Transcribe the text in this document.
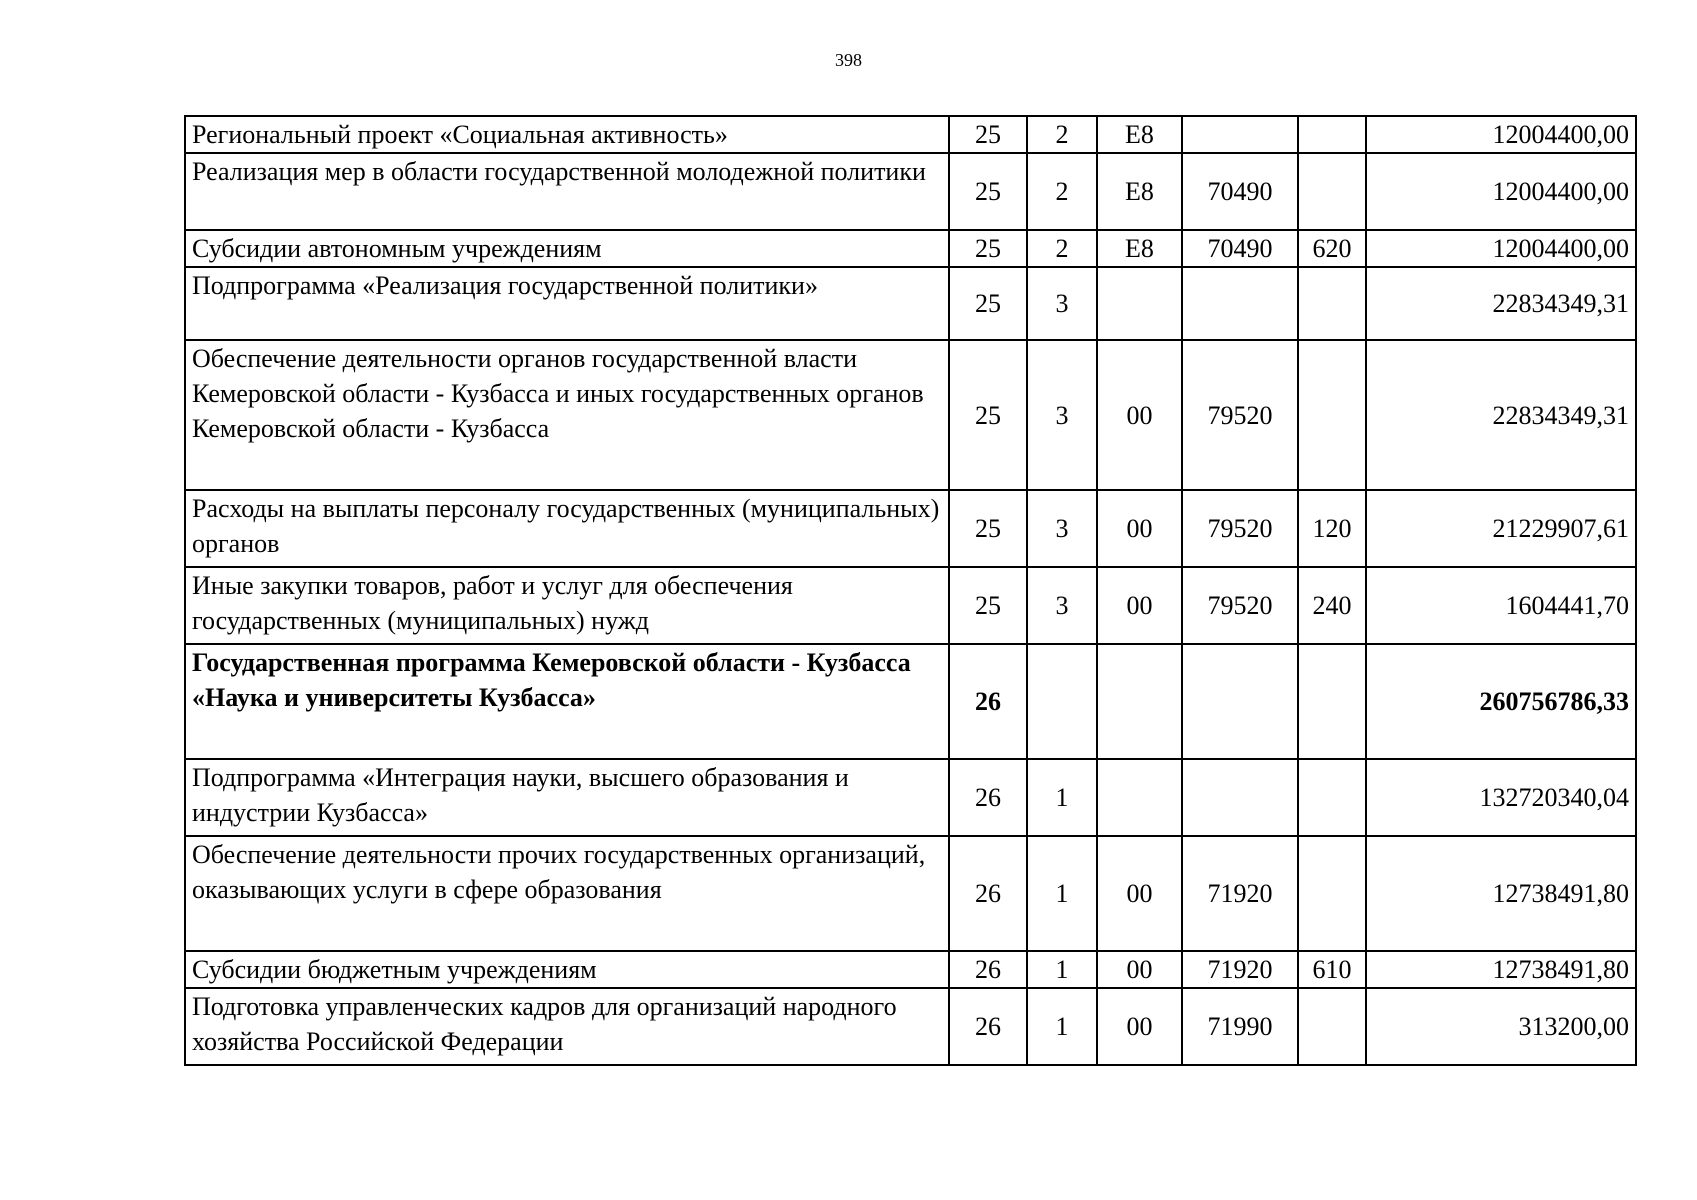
398
Региональный проект «Социальная активность»	25	2	Е8			12004400,00
Реализация мер в области государственной молодежной политики	25	2	Е8	70490		12004400,00
Субсидии автономным учреждениям	25	2	Е8	70490	620	12004400,00
Подпрограмма «Реализация государственной политики»	25	3				22834349,31
Обеспечение деятельности органов государственной власти Кемеровской области - Кузбасса и иных государственных органов Кемеровской области - Кузбасса	25	3	00	79520		22834349,31
Расходы на выплаты персоналу государственных (муниципальных) органов	25	3	00	79520	120	21229907,61
Иные закупки товаров, работ и услуг для обеспечения государственных (муниципальных) нужд	25	3	00	79520	240	1604441,70
Государственная программа Кемеровской области - Кузбасса «Наука и университеты Кузбасса»	26					260756786,33
Подпрограмма «Интеграция науки, высшего образования и индустрии Кузбасса»	26	1				132720340,04
Обеспечение деятельности прочих государственных организаций, оказывающих услуги в сфере образования	26	1	00	71920		12738491,80
Субсидии бюджетным учреждениям	26	1	00	71920	610	12738491,80
Подготовка управленческих кадров для организаций народного хозяйства Российской Федерации	26	1	00	71990		313200,00
